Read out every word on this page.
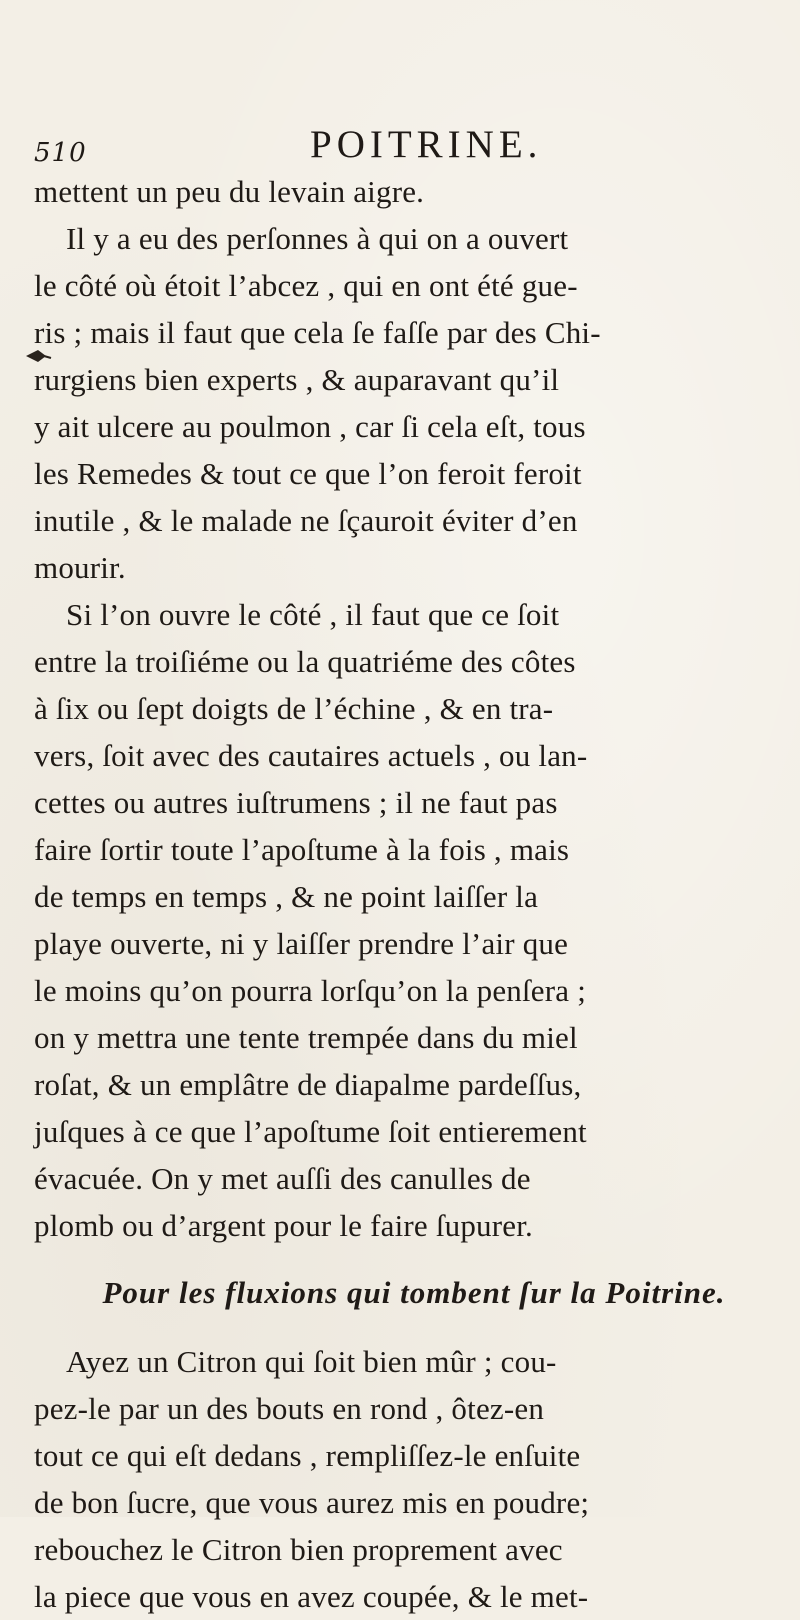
510	POITRINE.
mettent un peu du levain aigre.
Il y a eu des perſonnes à qui on a ouvert
le côté où étoit l’abcez , qui en ont été gue-
ris ; mais il faut que cela ſe faſſe par des Chi-
rurgiens bien experts , & auparavant qu’il
y ait ulcere au poulmon , car ſi cela eſt, tous
les Remedes & tout ce que l’on feroit feroit
inutile , & le malade ne ſçauroit éviter d’en
mourir.
Si l’on ouvre le côté , il faut que ce ſoit
entre la troiſiéme ou la quatriéme des côtes
à ſix ou ſept doigts de l’échine , & en tra-
vers, ſoit avec des cautaires actuels , ou lan-
cettes ou autres iuſtrumens ; il ne faut pas
faire ſortir toute l’apoſtume à la fois , mais
de temps en temps , & ne point laiſſer la
playe ouverte, ni y laiſſer prendre l’air que
le moins qu’on pourra lorſqu’on la penſera ;
on y mettra une tente trempée dans du miel
roſat, & un emplâtre de diapalme pardeſſus,
juſques à ce que l’apoſtume ſoit entierement
évacuée. On y met auſſi des canulles de
plomb ou d’argent pour le faire ſupurer.
Pour les fluxions qui tombent ſur la Poitrine.
Ayez un Citron qui ſoit bien mûr ; cou-
pez-le par un des bouts en rond , ôtez-en
tout ce qui eſt dedans , rempliſſez-le enſuite
de bon ſucre, que vous aurez mis en poudre;
rebouchez le Citron bien proprement avec
la piece que vous en avez coupée, & le met-
